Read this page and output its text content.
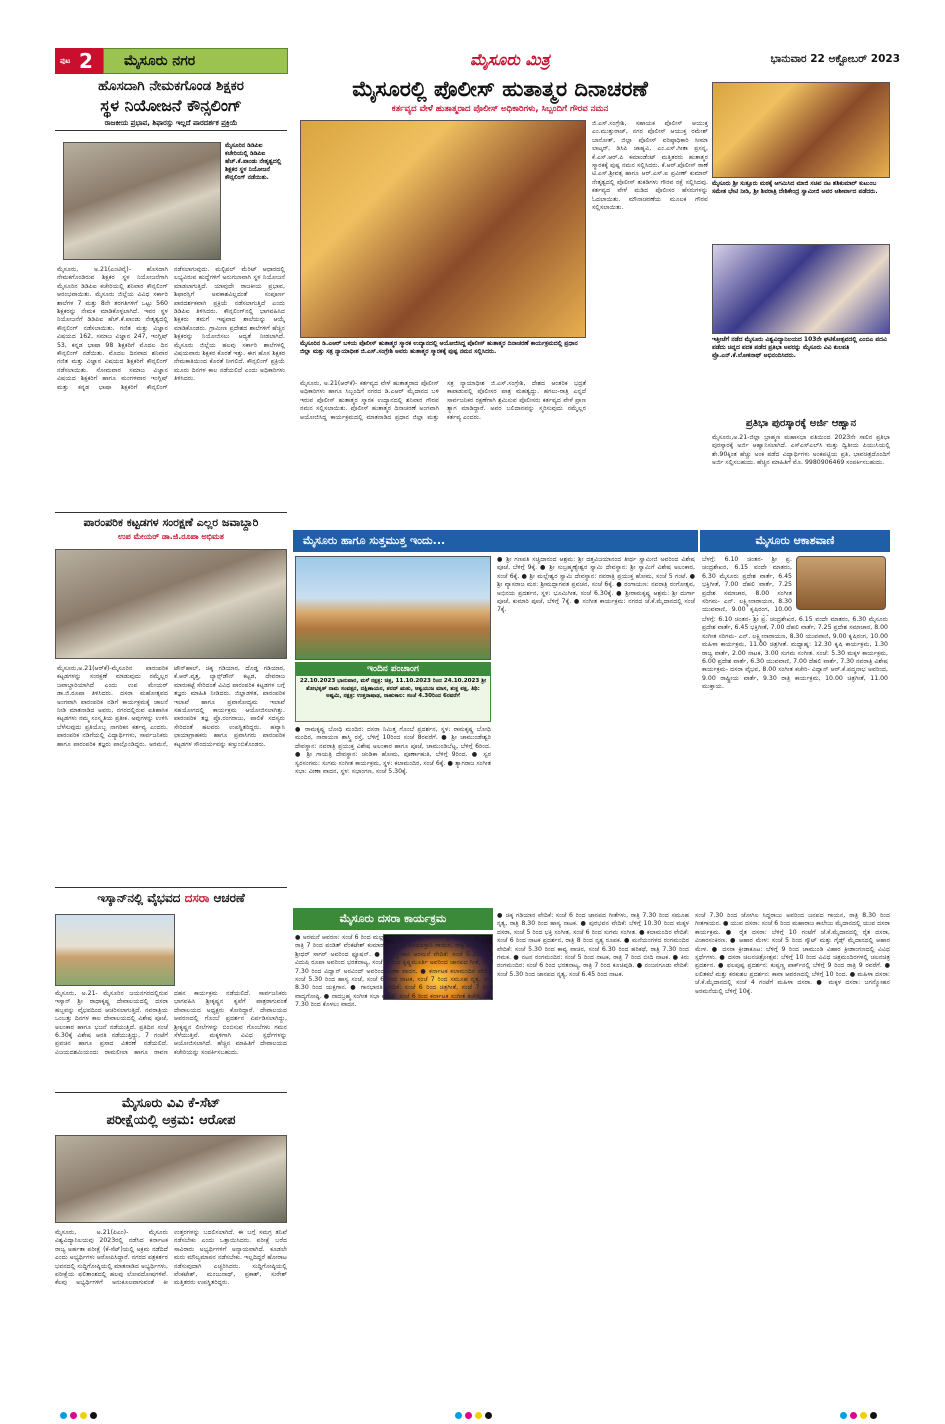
ಪುಟ 2 ಮೈಸೂರು ನಗರ	ಮೈಸೂರು ಮಿತ್ರ	ಭಾನುವಾರ 22 ಅಕ್ಟೋಬರ್ 2023
ಹೊಸದಾಗಿ ನೇಮಕಗೊಂಡ ಶಿಕ್ಷಕರ
ಸ್ಥಳ ನಿಯೋಜನೆ ಕೌನ್ಸಲಿಂಗ್
ರಾಜಕೀಯ ಪ್ರಭಾವ, ಶಿಫಾರಸ್ಸು ಇಲ್ಲದೆ ಪಾರದರ್ಶಕ ಪ್ರಕ್ರಿಯೆ
ಮೈಸೂರಿನ ಡಿಡಿಪಿಐ ಕಚೇರಿಯಲ್ಲಿ ಡಿಡಿಪಿಐ ಹೆಚ್.ಕೆ.ಪಾಂಡು ನೇತೃತ್ವದಲ್ಲಿ ಶಿಕ್ಷಕರ ಸ್ಥಳ ನಿಯೋಜನೆ ಕೌನ್ಸಲಿಂಗ್ ನಡೆಯಿತು.
ಮೈಸೂರು, ಅ.21(ಎಂಟಿವೈ)- ಹೊಸದಾಗಿ ನೇಮಕಗೊಂಡಿರುವ ಶಿಕ್ಷಕರ ಸ್ಥಳ ನಿಯೋಜನೆಗಾಗಿ ಮೈಸೂರಿನ ಡಿಡಿಪಿಐ ಕಚೇರಿಯಲ್ಲಿ ಶನಿವಾರ ಕೌನ್ಸಲಿಂಗ್ ಆರಂಭವಾಯಿತು. ಮೈಸೂರು ಜಿಲ್ಲೆಯ ವಿವಿಧ ಸರ್ಕಾರಿ ಶಾಲೆಗಳ 7 ಮತ್ತು 8ನೇ ತರಗತಿಗಳಿಗೆ ಒಟ್ಟು 560 ಶಿಕ್ಷಕರನ್ನು ನೇಮಕ ಮಾಡಿಕೊಳ್ಳಲಾಗಿದೆ. ಇವರ ಸ್ಥಳ ನಿಯೋಜನೆಗೆ ಡಿಡಿಪಿಐ ಹೆಚ್.ಕೆ.ಪಾಂಡು ನೇತೃತ್ವದಲ್ಲಿ ಕೌನ್ಸಲಿಂಗ್ ನಡೆಸಲಾಯಿತು. ಗಣಿತ ಮತ್ತು ವಿಜ್ಞಾನ ವಿಷಯದ 162, ಸಮಾಜ ವಿಜ್ಞಾನ 247, ಇಂಗ್ಲಿಷ್ 53, ಕನ್ನಡ ಭಾಷಾ 98 ಶಿಕ್ಷಕರಿಗೆ ಮೊದಲ ದಿನ ಕೌನ್ಸಲಿಂಗ್ ನಡೆಯಿತು. ಮೊದಲ ದಿನವಾದ ಶನಿವಾರ ಗಣಿತ ಮತ್ತು ವಿಜ್ಞಾನ ವಿಷಯದ ಶಿಕ್ಷಕರಿಗೆ ಕೌನ್ಸಲಿಂಗ್ ನಡೆಸಲಾಯಿತು. ಸೋಮವಾರ ಸಮಾಜ ವಿಜ್ಞಾನ ವಿಷಯದ ಶಿಕ್ಷಕರಿಗೆ ಹಾಗೂ ಮಂಗಳವಾರ ಇಂಗ್ಲಿಷ್ ಮತ್ತು ಕನ್ನಡ ಭಾಷಾ ಶಿಕ್ಷಕರಿಗೆ ಕೌನ್ಸಲಿಂಗ್ ನಡೆಸಲಾಗುವುದು. ಮಲ್ಟಿಪಲ್ ಮೆರಿಟ್ ಆಧಾರದಲ್ಲಿ ಲಭ್ಯವಿರುವ ಹುದ್ದೆಗಳಿಗೆ ಅನುಗುಣವಾಗಿ ಸ್ಥಳ ನಿಯೋಜನೆ ಮಾಡಲಾಗುತ್ತಿದೆ. ಯಾವುದೇ ರಾಜಕೀಯ ಪ್ರಭಾವ, ಶಿಫಾರಸ್ಸಿಗೆ ಅವಕಾಶವಿಲ್ಲದಂತೆ ಸಂಪೂರ್ಣ ಪಾರದರ್ಶಕವಾಗಿ ಪ್ರಕ್ರಿಯೆ ನಡೆಸಲಾಗುತ್ತಿದೆ ಎಂದು ಡಿಡಿಪಿಐ ತಿಳಿಸಿದರು. ಕೌನ್ಸಲಿಂಗ್‌ನಲ್ಲಿ ಭಾಗವಹಿಸಿದ ಶಿಕ್ಷಕರು ತಮಗೆ ಇಷ್ಟವಾದ ಶಾಲೆಯನ್ನು ಆಯ್ಕೆ ಮಾಡಿಕೊಂಡರು. ಗ್ರಾಮೀಣ ಪ್ರದೇಶದ ಶಾಲೆಗಳಿಗೆ ಹೆಚ್ಚಿನ ಶಿಕ್ಷಕರನ್ನು ನಿಯೋಜಿಸಲು ಆದ್ಯತೆ ನೀಡಲಾಗಿದೆ. ಮೈಸೂರು ಜಿಲ್ಲೆಯ ಹಲವು ಸರ್ಕಾರಿ ಶಾಲೆಗಳಲ್ಲಿ ವಿಷಯವಾರು ಶಿಕ್ಷಕರ ಕೊರತೆ ಇತ್ತು. ಈಗ ಹೊಸ ಶಿಕ್ಷಕರ ನೇಮಕಾತಿಯಿಂದ ಕೊರತೆ ನೀಗಲಿದೆ. ಕೌನ್ಸಲಿಂಗ್ ಪ್ರಕ್ರಿಯೆ ಮೂರು ದಿನಗಳ ಕಾಲ ನಡೆಯಲಿದೆ ಎಂದು ಅಧಿಕಾರಿಗಳು ತಿಳಿಸಿದರು.
ಪಾರಂಪರಿಕ ಕಟ್ಟಡಗಳ ಸಂರಕ್ಷಣೆ ಎಲ್ಲರ ಜವಾಬ್ದಾರಿ
ಉಪ ಮೇಯರ್ ಡಾ.ಜಿ.ರೂಪಾ ಅಭಿಮತ
ಮೈಸೂರು,ಅ.21(ಆರ್‌ಕೆ)-ಮೈಸೂರಿನ ಪಾರಂಪರಿಕ ಕಟ್ಟಡಗಳನ್ನು ಸಂರಕ್ಷಣೆ ಮಾಡುವುದು ನಮ್ಮೆಲ್ಲರ ಜವಾಬ್ದಾರಿಯಾಗಿದೆ ಎಂದು ಉಪ ಮೇಯರ್ ಡಾ.ಜಿ.ರೂಪಾ ತಿಳಿಸಿದರು. ದಸರಾ ಮಹೋತ್ಸವದ ಅಂಗವಾಗಿ ಪಾರಂಪರಿಕ ನಡಿಗೆ ಕಾರ್ಯಕ್ರಮಕ್ಕೆ ಚಾಲನೆ ನೀಡಿ ಮಾತನಾಡಿದ ಅವರು, ನಗರದಲ್ಲಿರುವ ಐತಿಹಾಸಿಕ ಕಟ್ಟಡಗಳು ನಮ್ಮ ಸಂಸ್ಕೃತಿಯ ಪ್ರತೀಕ. ಅವುಗಳನ್ನು ಉಳಿಸಿ ಬೆಳೆಸುವುದು ಪ್ರತಿಯೊಬ್ಬ ನಾಗರಿಕನ ಕರ್ತವ್ಯ ಎಂದರು. ಪಾರಂಪರಿಕ ನಡಿಗೆಯಲ್ಲಿ ವಿದ್ಯಾರ್ಥಿಗಳು, ಸಾರ್ವಜನಿಕರು ಹಾಗೂ ಪಾರಂಪರಿಕ ತಜ್ಞರು ಪಾಲ್ಗೊಂಡಿದ್ದರು. ಅರಮನೆ, ಟೌನ್‌ಹಾಲ್, ಚಿಕ್ಕ ಗಡಿಯಾರ, ದೊಡ್ಡ ಗಡಿಯಾರ, ಕೆ.ಆರ್.ವೃತ್ತ, ಲ್ಯಾನ್ಸ್‌ಡೌನ್ ಕಟ್ಟಡ, ದೇವರಾಜ ಮಾರುಕಟ್ಟೆ ಸೇರಿದಂತೆ ವಿವಿಧ ಪಾರಂಪರಿಕ ಕಟ್ಟಡಗಳ ಬಗ್ಗೆ ತಜ್ಞರು ಮಾಹಿತಿ ನೀಡಿದರು. ಜಿಲ್ಲಾಡಳಿತ, ಪಾರಂಪರಿಕ ಇಲಾಖೆ ಹಾಗೂ ಪ್ರವಾಸೋದ್ಯಮ ಇಲಾಖೆ ಸಹಯೋಗದಲ್ಲಿ ಕಾರ್ಯಕ್ರಮ ಆಯೋಜಿಸಲಾಗಿತ್ತು. ಪಾರಂಪರಿಕ ತಜ್ಞ ಪ್ರೊ.ರಂಗರಾಜು, ಪಾಲಿಕೆ ಸದಸ್ಯರು ಸೇರಿದಂತೆ ಹಲವರು ಉಪಸ್ಥಿತರಿದ್ದರು. ಹವ್ಯಾಸಿ ಛಾಯಾಗ್ರಾಹಕರು ಹಾಗೂ ಪ್ರವಾಸಿಗರು ಪಾರಂಪರಿಕ ಕಟ್ಟಡಗಳ ಸೌಂದರ್ಯವನ್ನು ಕಣ್ತುಂಬಿಕೊಂಡರು.
ಇಸ್ಕಾನ್‌ನಲ್ಲಿ ವೈಭವದ ದಸರಾ ಆಚರಣೆ
ಮೈಸೂರು, ಅ.21- ಮೈಸೂರಿನ ಜಯನಗರದಲ್ಲಿರುವ ಇಸ್ಕಾನ್ ಶ್ರೀ ರಾಧಾಕೃಷ್ಣ ದೇವಾಲಯದಲ್ಲಿ ದಸರಾ ಹಬ್ಬವನ್ನು ವೈಭವದಿಂದ ಆಚರಿಸಲಾಗುತ್ತಿದೆ. ನವರಾತ್ರಿಯ ಒಂಬತ್ತು ದಿನಗಳ ಕಾಲ ದೇವಾಲಯದಲ್ಲಿ ವಿಶೇಷ ಪೂಜೆ, ಅಲಂಕಾರ ಹಾಗೂ ಭಜನೆ ನಡೆಯುತ್ತಿದೆ. ಪ್ರತಿದಿನ ಸಂಜೆ 6.30ಕ್ಕೆ ವಿಶೇಷ ಆರತಿ ನಡೆಯುತ್ತಿದ್ದು, 7 ಗಂಟೆಗೆ ಪ್ರವಚನ ಹಾಗೂ ಪ್ರಸಾದ ವಿತರಣೆ ನಡೆಯಲಿದೆ. ವಿಜಯದಶಮಿಯಂದು ರಾಮಲೀಲಾ ಹಾಗೂ ರಾವಣ ದಹನ ಕಾರ್ಯಕ್ರಮ ನಡೆಯಲಿದೆ. ಸಾರ್ವಜನಿಕರು ಭಾಗವಹಿಸಿ ಶ್ರೀಕೃಷ್ಣನ ಕೃಪೆಗೆ ಪಾತ್ರರಾಗುವಂತೆ ದೇವಾಲಯದ ಅಧ್ಯಕ್ಷರು ಕೋರಿದ್ದಾರೆ. ದೇವಾಲಯದ ಆವರಣದಲ್ಲಿ ಗೊಂಬೆ ಪ್ರದರ್ಶನ ಏರ್ಪಡಿಸಲಾಗಿದ್ದು, ಶ್ರೀಕೃಷ್ಣನ ಲೀಲೆಗಳನ್ನು ಬಿಂಬಿಸುವ ಗೊಂಬೆಗಳು ಗಮನ ಸೆಳೆಯುತ್ತಿವೆ. ಮಕ್ಕಳಿಗಾಗಿ ವಿವಿಧ ಸ್ಪರ್ಧೆಗಳನ್ನು ಆಯೋಜಿಸಲಾಗಿದೆ. ಹೆಚ್ಚಿನ ಮಾಹಿತಿಗೆ ದೇವಾಲಯದ ಕಚೇರಿಯನ್ನು ಸಂಪರ್ಕಿಸಬಹುದು.
ಮೈಸೂರು ವಿವಿ ಕೆ-ಸೆಟ್
ಪರೀಕ್ಷೆಯಲ್ಲಿ ಅಕ್ರಮ: ಆರೋಪ
ಮೈಸೂರು, ಅ.21(ಪಿಎಂ)- ಮೈಸೂರು ವಿಶ್ವವಿದ್ಯಾನಿಲಯವು 2023ರಲ್ಲಿ ನಡೆಸಿದ ಕರ್ನಾಟಕ ರಾಜ್ಯ ಅರ್ಹತಾ ಪರೀಕ್ಷೆ (ಕೆ-ಸೆಟ್)ಯಲ್ಲಿ ಅಕ್ರಮ ನಡೆದಿದೆ ಎಂದು ಅಭ್ಯರ್ಥಿಗಳು ಆರೋಪಿಸಿದ್ದಾರೆ. ನಗರದ ಪತ್ರಕರ್ತರ ಭವನದಲ್ಲಿ ಸುದ್ದಿಗೋಷ್ಠಿಯಲ್ಲಿ ಮಾತನಾಡಿದ ಅಭ್ಯರ್ಥಿಗಳು, ಪರೀಕ್ಷೆಯ ಫಲಿತಾಂಶದಲ್ಲಿ ಹಲವು ಲೋಪದೋಷಗಳಿವೆ. ಕೆಲವು ಅಭ್ಯರ್ಥಿಗಳಿಗೆ ಅನುಕೂಲವಾಗುವಂತೆ ಕೀ ಉತ್ತರಗಳನ್ನು ಬದಲಿಸಲಾಗಿದೆ. ಈ ಬಗ್ಗೆ ಸಮಗ್ರ ತನಿಖೆ ನಡೆಸಬೇಕು ಎಂದು ಒತ್ತಾಯಿಸಿದರು. ಪರೀಕ್ಷೆ ಬರೆದ ಸಾವಿರಾರು ಅಭ್ಯರ್ಥಿಗಳಿಗೆ ಅನ್ಯಾಯವಾಗಿದೆ. ಕೂಡಲೇ ಮರು ಮೌಲ್ಯಮಾಪನ ನಡೆಸಬೇಕು. ಇಲ್ಲದಿದ್ದರೆ ಹೋರಾಟ ನಡೆಸುವುದಾಗಿ ಎಚ್ಚರಿಸಿದರು. ಸುದ್ದಿಗೋಷ್ಠಿಯಲ್ಲಿ ವೆಂಕಟೇಶ್, ಮಂಜುನಾಥ್, ಪ್ರಕಾಶ್, ಸುರೇಶ್ ಮತ್ತಿತರರು ಉಪಸ್ಥಿತರಿದ್ದರು.
ಮೈಸೂರಲ್ಲಿ ಪೊಲೀಸ್ ಹುತಾತ್ಮರ ದಿನಾಚರಣೆ
ಕರ್ತವ್ಯದ ವೇಳೆ ಹುತಾತ್ಮರಾದ ಪೊಲೀಸ್ ಅಧಿಕಾರಿಗಳು, ಸಿಬ್ಬಂದಿಗೆ ಗೌರವ ನಮನ
ಮೈಸೂರಿನ ಡಿ.ಎಆರ್ ಬಳಿಯ ಪೊಲೀಸ್ ಹುತಾತ್ಮರ ಸ್ಮಾರಕ ಉದ್ಯಾನದಲ್ಲಿ ಆಯೋಜಿಸಿದ್ದ ಪೊಲೀಸ್ ಹುತಾತ್ಮರ ದಿನಾಚರಣೆ ಕಾರ್ಯಕ್ರಮದಲ್ಲಿ ಪ್ರಧಾನ ಜಿಲ್ಲಾ ಮತ್ತು ಸತ್ರ ನ್ಯಾಯಾಧೀಶ ಜಿ.ಎಸ್.ಸಂಗ್ರೇಶಿ ಅವರು ಹುತಾತ್ಮರ ಸ್ಮಾರಕಕ್ಕೆ ಪುಷ್ಪ ನಮನ ಸಲ್ಲಿಸಿದರು.
ಜಿ.ಎಸ್.ಸಂಗ್ರೇಶಿ, ಸಹಾಯಕ ಪೊಲೀಸ್ ಆಯುಕ್ತ ಎಂ.ಮುತ್ತುರಾಜ್, ನಗರ ಪೊಲೀಸ್ ಆಯುಕ್ತ ರಮೇಶ್ ಬಾನೋತ್, ಜಿಲ್ಲಾ ಪೊಲೀಸ್ ವರಿಷ್ಠಾಧಿಕಾರಿ ಸೀಮಾ ಲಾಟ್ಕರ್, ಡಿಸಿಪಿ ಜಾಹ್ನವಿ, ಎಂ.ಎಸ್.ಗೀತಾ ಪ್ರಸನ್ನ, ಕೆ.ಎಸ್.ಆರ್.ಪಿ ಕಮಾಂಡೆಂಟ್ ಮತ್ತಿತರರು ಹುತಾತ್ಮರ ಸ್ಮಾರಕಕ್ಕೆ ಪುಷ್ಪ ನಮನ ಸಲ್ಲಿಸಿದರು. ಕೆ.ಆರ್.ಪೊಲೀಸ್ ಠಾಣೆ ಟಿ.ಎಸ್.ಶ್ರೀವತ್ಸ ಹಾಗೂ ಆರ್.ಎಸ್.ಐ ಪ್ರವೀಣ್ ಕುಮಾರ್ ನೇತೃತ್ವದಲ್ಲಿ ಪೊಲೀಸ್ ತುಕಡಿಗಳು ಗೌರವ ರಕ್ಷೆ ಸಲ್ಲಿಸಿದವು. ಕರ್ತವ್ಯದ ವೇಳೆ ಮಡಿದ ಪೊಲೀಸರ ಹೆಸರುಗಳನ್ನು ಓದಲಾಯಿತು. ಮೌನಾಚರಣೆಯ ಮೂಲಕ ಗೌರವ ಸಲ್ಲಿಸಲಾಯಿತು.
ಮೈಸೂರು, ಅ.21(ಆರ್‌ಕೆ)- ಕರ್ತವ್ಯದ ವೇಳೆ ಹುತಾತ್ಮರಾದ ಪೊಲೀಸ್ ಅಧಿಕಾರಿಗಳು ಹಾಗೂ ಸಿಬ್ಬಂದಿಗೆ ನಗರದ ಡಿ.ಎಆರ್ ಮೈದಾನದ ಬಳಿ ಇರುವ ಪೊಲೀಸ್ ಹುತಾತ್ಮರ ಸ್ಮಾರಕ ಉದ್ಯಾನದಲ್ಲಿ ಶನಿವಾರ ಗೌರವ ನಮನ ಸಲ್ಲಿಸಲಾಯಿತು. ಪೊಲೀಸ್ ಹುತಾತ್ಮರ ದಿನಾಚರಣೆ ಅಂಗವಾಗಿ ಆಯೋಜಿಸಿದ್ದ ಕಾರ್ಯಕ್ರಮದಲ್ಲಿ ಮಾತನಾಡಿದ ಪ್ರಧಾನ ಜಿಲ್ಲಾ ಮತ್ತು ಸತ್ರ ನ್ಯಾಯಾಧೀಶ ಜಿ.ಎಸ್.ಸಂಗ್ರೇಶಿ, ದೇಶದ ಆಂತರಿಕ ಭದ್ರತೆ ಕಾಪಾಡುವಲ್ಲಿ ಪೊಲೀಸರ ಪಾತ್ರ ಮಹತ್ವದ್ದು. ಹಗಲು-ರಾತ್ರಿ ಎನ್ನದೆ ಸಾರ್ವಜನಿಕರ ರಕ್ಷಣೆಗಾಗಿ ಶ್ರಮಿಸುವ ಪೊಲೀಸರು ಕರ್ತವ್ಯದ ವೇಳೆ ಪ್ರಾಣ ತ್ಯಾಗ ಮಾಡಿದ್ದಾರೆ. ಅವರ ಬಲಿದಾನವನ್ನು ಸ್ಮರಿಸುವುದು ನಮ್ಮೆಲ್ಲರ ಕರ್ತವ್ಯ ಎಂದರು.
ಮೈಸೂರು ಶ್ರೀ ಸುತ್ತೂರು ಮಠಕ್ಕೆ ಆಗಮಿಸಿದ ಮಾಜಿ ಸಚಿವ ನಟ ಶಶಿಕುಮಾರ್ ಕುಟುಂಬ ಸಮೇತ ಭೇಟಿ ನೀಡಿ, ಶ್ರೀ ಶಿವರಾತ್ರಿ ದೇಶಿಕೇಂದ್ರ ಸ್ವಾಮೀಜಿ ಅವರ ಆಶೀರ್ವಾದ ಪಡೆದರು.
ಇತ್ತೀಚೆಗೆ ನಡೆದ ಮೈಸೂರು ವಿಶ್ವವಿದ್ಯಾನಿಲಯದ 103ನೇ ಘಟಿಕೋತ್ಸವದಲ್ಲಿ ಎಂಬಿಎ ಪದವಿ ಪಡೆದು ಚಿನ್ನದ ಪದಕ ಪಡೆದ ಪ್ರತಿಭಾ ಅವರನ್ನು ಮೈಸೂರು ವಿವಿ ಕುಲಪತಿ ಪ್ರೊ.ಎನ್.ಕೆ.ಲೋಕನಾಥ್ ಅಭಿನಂದಿಸಿದರು.
ಪ್ರತಿಭಾ ಪುರಸ್ಕಾರಕ್ಕೆ ಅರ್ಜಿ ಆಹ್ವಾನ
ಮೈಸೂರು,ಅ.21-ಜಿಲ್ಲಾ ಬ್ರಾಹ್ಮಣ ಮಹಾಸಭಾ ವತಿಯಿಂದ 2023ನೇ ಸಾಲಿನ ಪ್ರತಿಭಾ ಪುರಸ್ಕಾರಕ್ಕೆ ಅರ್ಜಿ ಆಹ್ವಾನಿಸಲಾಗಿದೆ. ಎಸ್‌ಎಸ್‌ಎಲ್‌ಸಿ ಮತ್ತು ದ್ವಿತೀಯ ಪಿಯುಸಿಯಲ್ಲಿ ಶೇ.90ಕ್ಕಿಂತ ಹೆಚ್ಚು ಅಂಕ ಪಡೆದ ವಿದ್ಯಾರ್ಥಿಗಳು ಅಂಕಪಟ್ಟಿಯ ಪ್ರತಿ, ಭಾವಚಿತ್ರದೊಂದಿಗೆ ಅರ್ಜಿ ಸಲ್ಲಿಸಬಹುದು. ಹೆಚ್ಚಿನ ಮಾಹಿತಿಗೆ ಮೊ. 9980906469 ಸಂಪರ್ಕಿಸಬಹುದು.
ಮೈಸೂರು ಹಾಗೂ ಸುತ್ತಮುತ್ತ ಇಂದು...
ಇಂದಿನ ಪಂಚಾಂಗ
22.10.2023 ಭಾನುವಾರ, ಮಳೆ ನಕ್ಷತ್ರ: ಚಿತ್ರ, 11.10.2023 ರಿಂದ 24.10.2023 ಶ್ರೀ ಶೋಭಕೃತ್ ನಾಮ ಸಂವತ್ಸರ, ದಕ್ಷಿಣಾಯನ, ಶರದ್ ಋತು, ಆಶ್ವಯುಜ ಮಾಸ, ಶುಕ್ಲ ಪಕ್ಷ, ತಿಥಿ: ಅಷ್ಟಮಿ, ನಕ್ಷತ್ರ: ಉತ್ತರಾಷಾಢ, ರಾಹುಕಾಲ: ಸಂಜೆ 4.30ರಿಂದ 6ರವರೆಗೆ
● ರಾಮಕೃಷ್ಣ ಬೋಧಿ ಮಂದಿರ: ದಸರಾ ನಿಮಿತ್ತ ಗೊಂಬೆ ಪ್ರದರ್ಶನ, ಸ್ಥಳ: ರಾಮಕೃಷ್ಣ ಬೋಧಿ ಮಂದಿರ, ನಾರಾಯಣ ಶಾಸ್ತ್ರಿ ರಸ್ತೆ, ಬೆಳಿಗ್ಗೆ 10ರಿಂದ ಸಂಜೆ 8ರವರೆಗೆ. ● ಶ್ರೀ ಚಾಮುಂಡೇಶ್ವರಿ ದೇವಸ್ಥಾನ: ನವರಾತ್ರಿ ಪ್ರಯುಕ್ತ ವಿಶೇಷ ಅಲಂಕಾರ ಹಾಗೂ ಪೂಜೆ, ಚಾಮುಂಡಿಬೆಟ್ಟ, ಬೆಳಿಗ್ಗೆ 6ರಿಂದ. ● ಶ್ರೀ ಗಾಯತ್ರಿ ದೇವಸ್ಥಾನ: ಚಂಡಿಕಾ ಹೋಮ, ಪೂರ್ಣಾಹುತಿ, ಬೆಳಿಗ್ಗೆ 9ರಿಂದ. ● ಸ್ವರ ಸ್ವರಸಂಗಮ: ಸುಗಮ ಸಂಗೀತ ಕಾರ್ಯಕ್ರಮ, ಸ್ಥಳ: ಕಲಾಮಂದಿರ, ಸಂಜೆ 6ಕ್ಕೆ. ● ತ್ಯಾಗರಾಜ ಸಂಗೀತ ಸಭಾ: ವೀಣಾ ವಾದನ, ಸ್ಥಳ: ಸಭಾಂಗಣ, ಸಂಜೆ 5.30ಕ್ಕೆ.
● ಶ್ರೀ ಗಣಪತಿ ಸಚ್ಚಿದಾನಂದ ಆಶ್ರಮ: ಶ್ರೀ ದತ್ತವಿಜಯಾನಂದ ತೀರ್ಥ ಸ್ವಾಮೀಜಿ ಅವರಿಂದ ವಿಶೇಷ ಪೂಜೆ, ಬೆಳಿಗ್ಗೆ 9ಕ್ಕೆ. ● ಶ್ರೀ ಸುಬ್ರಹ್ಮಣ್ಯೇಶ್ವರ ಸ್ವಾಮಿ ದೇವಸ್ಥಾನ: ಶ್ರೀ ಸ್ವಾಮಿಗೆ ವಿಶೇಷ ಅಲಂಕಾರ, ಸಂಜೆ 6ಕ್ಕೆ. ● ಶ್ರೀ ಮಲ್ಲೇಶ್ವರ ಸ್ವಾಮಿ ದೇವಸ್ಥಾನ: ನವರಾತ್ರಿ ಪ್ರಯುಕ್ತ ಹೋಮ, ಸಂಜೆ 5 ಗಂಟೆ. ● ಶ್ರೀ ವ್ಯಾಸರಾಜ ಮಠ: ಶ್ರೀಮದ್ಭಾಗವತ ಪ್ರವಚನ, ಸಂಜೆ 6ಕ್ಕೆ. ● ರಂಗಾಯಣ: ನವರಾತ್ರಿ ರಂಗೋತ್ಸವ, ಅಭಿನಯ ಪ್ರದರ್ಶನ, ಸ್ಥಳ: ಭೂಮಿಗೀತ, ಸಂಜೆ 6.30ಕ್ಕೆ. ● ಶ್ರೀರಾಮಕೃಷ್ಣ ಆಶ್ರಮ: ಶ್ರೀ ದುರ್ಗಾ ಪೂಜೆ, ಕುಮಾರಿ ಪೂಜೆ, ಬೆಳಿಗ್ಗೆ 7ಕ್ಕೆ. ● ಸಂಗೀತ ಕಾರ್ಯಕ್ರಮ: ನಗರದ ಜೆ.ಕೆ.ಮೈದಾನದಲ್ಲಿ ಸಂಜೆ 7ಕ್ಕೆ.
ಮೈಸೂರು ಆಕಾಶವಾಣಿ
ಬೆಳಗ್ಗೆ: 6.10 ಚಿಂತನ- ಶ್ರೀ ಪ್ರ. ಚಂದ್ರಶೇಖರ, 6.15 ವಂದೇ ಮಾತರಂ, 6.30 ಮೈಸೂರು ಪ್ರದೇಶ ವಾರ್ತೆ, 6.45 ಭಕ್ತಿಗೀತೆ, 7.00 ದೆಹಲಿ ವಾರ್ತೆ, 7.25 ಪ್ರದೇಶ ಸಮಾಚಾರ, 8.00 ಸಂಗೀತ ಸರಿಗಮ- ಎನ್. ಲಕ್ಷ್ಮೀನಾರಾಯಣ, 8.30 ಯುವವಾಣಿ, 9.00 ಕೃಷಿರಂಗ, 10.00
ಬೆಳಗ್ಗೆ: 6.10 ಚಿಂತನ- ಶ್ರೀ ಪ್ರ. ಚಂದ್ರಶೇಖರ, 6.15 ವಂದೇ ಮಾತರಂ, 6.30 ಮೈಸೂರು ಪ್ರದೇಶ ವಾರ್ತೆ, 6.45 ಭಕ್ತಿಗೀತೆ, 7.00 ದೆಹಲಿ ವಾರ್ತೆ, 7.25 ಪ್ರದೇಶ ಸಮಾಚಾರ, 8.00 ಸಂಗೀತ ಸರಿಗಮ- ಎನ್. ಲಕ್ಷ್ಮೀನಾರಾಯಣ, 8.30 ಯುವವಾಣಿ, 9.00 ಕೃಷಿರಂಗ, 10.00 ಮಹಿಳಾ ಕಾರ್ಯಕ್ರಮ, 11.00 ಚಿತ್ರಗೀತೆ. ಮಧ್ಯಾಹ್ನ: 12.30 ಕೃಷಿ ಕಾರ್ಯಕ್ರಮ, 1.30 ರಾಜ್ಯ ವಾರ್ತೆ, 2.00 ನಾಟಕ, 3.00 ಸುಗಮ ಸಂಗೀತ. ಸಂಜೆ: 5.30 ಮಕ್ಕಳ ಕಾರ್ಯಕ್ರಮ, 6.00 ಪ್ರದೇಶ ವಾರ್ತೆ, 6.30 ಯುವವಾಣಿ, 7.00 ದೆಹಲಿ ವಾರ್ತೆ, 7.30 ನವರಾತ್ರಿ ವಿಶೇಷ ಕಾರ್ಯಕ್ರಮ- ದಸರಾ ವೈಭವ, 8.00 ಸಂಗೀತ ಕಚೇರಿ- ವಿದ್ವಾನ್ ಆರ್.ಕೆ.ಪದ್ಮನಾಭ ಅವರಿಂದ, 9.00 ರಾಷ್ಟ್ರೀಯ ವಾರ್ತೆ, 9.30 ರಾತ್ರಿ ಕಾರ್ಯಕ್ರಮ, 10.00 ಚಿತ್ರಗೀತೆ, 11.00 ಮುಕ್ತಾಯ.
ಮೈಸೂರು ದಸರಾ ಕಾರ್ಯಕ್ರಮ
● ಅರಮನೆ ಆವರಣ: ಸಂಜೆ 6 ರಿಂದ ಮಲ್ಲಾಡಿಹಳ್ಳಿ ರಾಘವೇಂದ್ರ ಅವರಿಂದ ಸ್ಯಾಕ್ಸೋಫೋನ್ ವಾದನ, ರಾತ್ರಿ 7 ರಿಂದ ಪಂಡಿತ್ ವೆಂಕಟೇಶ್ ಕುಮಾರ್ ಅವರಿಂದ ಹಿಂದೂಸ್ತಾನಿ ಗಾಯನ, ರಾತ್ರಿ 8.30 ರಿಂದ ಶ್ರೀಧರ್ ಸಾಗರ್ ಅವರಿಂದ ಫ್ಯೂಷನ್. ● ಜಗನ್ಮೋಹನ ಅರಮನೆ ವೇದಿಕೆ: ಸಂಜೆ 5.30 ರಿಂದ ವಿದುಷಿ ರೂಪಾ ಅವರಿಂದ ಭರತನಾಟ್ಯ, ಸಂಜೆ 6 ರಿಂದ ಕೃಷ್ಣಮೂರ್ತಿ ಅವರಿಂದ ಜಾನಪದ ಗೀತೆ, ಸಂಜೆ 7.30 ರಿಂದ ವಿದ್ವಾನ್ ಅರವಿಂದ್ ಅವರಿಂದ ವೀಣಾ ವಾದನ. ● ಕರ್ನಾಟಕ ಕಲಾಮಂದಿರ ವೇದಿಕೆ: ಸಂಜೆ 5.30 ರಿಂದ ಹಾಸ್ಯ ಸಂಜೆ, ಸಂಜೆ 6 ರಿಂದ ನಾಟಕ, ಸಂಜೆ 7 ರಿಂದ ಸಮೂಹ ನೃತ್ಯ, ರಾತ್ರಿ 8.30 ರಿಂದ ಯಕ್ಷಗಾನ. ● ಗಾನಭಾರತಿ ವೇದಿಕೆ: ಸಂಜೆ 6 ರಿಂದ ಚಿತ್ರಗೀತೆ, ಸಂಜೆ 7 ರಿಂದ ವಾದ್ಯಗೋಷ್ಠಿ. ● ನಾದಬ್ರಹ್ಮ ಸಂಗೀತ ಸಭಾ ವೇದಿಕೆ: ಸಂಜೆ 6 ರಿಂದ ಕರ್ನಾಟಕ ಸಂಗೀತ ಕಚೇರಿ, ರಾತ್ರಿ 7.30 ರಿಂದ ಕೊಳಲು ವಾದನ.
● ಚಿಕ್ಕ ಗಡಿಯಾರ ವೇದಿಕೆ: ಸಂಜೆ 6 ರಿಂದ ಜಾನಪದ ಗೀತೆಗಳು, ರಾತ್ರಿ 7.30 ರಿಂದ ಸಮೂಹ ನೃತ್ಯ, ರಾತ್ರಿ 8.30 ರಿಂದ ಹಾಸ್ಯ ನಾಟಕ. ● ಪುರಭವನ ವೇದಿಕೆ: ಬೆಳಿಗ್ಗೆ 10.30 ರಿಂದ ಮಕ್ಕಳ ದಸರಾ, ಸಂಜೆ 5 ರಿಂದ ಭಕ್ತಿ ಸಂಗೀತ, ಸಂಜೆ 6 ರಿಂದ ಸುಗಮ ಸಂಗೀತ. ● ಕಲಾಮಂದಿರ ವೇದಿಕೆ: ಸಂಜೆ 6 ರಿಂದ ನಾಟಕ ಪ್ರದರ್ಶನ, ರಾತ್ರಿ 8 ರಿಂದ ನೃತ್ಯ ರೂಪಕ. ● ಮನೆಯಂಗಳದ ರಂಗಮಂದಿರ ವೇದಿಕೆ: ಸಂಜೆ 5.30 ರಿಂದ ಕಾವ್ಯ ವಾಚನ, ಸಂಜೆ 6.30 ರಿಂದ ಹರಿಕಥೆ, ರಾತ್ರಿ 7.30 ರಿಂದ ಗಮಕ. ● ನಟನ ರಂಗಮಂದಿರ: ಸಂಜೆ 5 ರಿಂದ ನಾಟಕ, ರಾತ್ರಿ 7 ರಿಂದ ಬೀದಿ ನಾಟಕ. ● ಕಿರು ರಂಗಮಂದಿರ: ಸಂಜೆ 6 ರಿಂದ ಭರತನಾಟ್ಯ, ರಾತ್ರಿ 7 ರಿಂದ ಕೂಚಿಪುಡಿ. ● ನಂಜನಗೂಡು ವೇದಿಕೆ: ಸಂಜೆ 5.30 ರಿಂದ ಜಾನಪದ ನೃತ್ಯ, ಸಂಜೆ 6.45 ರಿಂದ ನಾಟಕ.
ಸಂಜೆ 7.30 ರಿಂದ ಜೋಗಿಲ ಸಿದ್ದರಾಜು ಅವರಿಂದ ಜನಪದ ಗಾಯನ, ರಾತ್ರಿ 8.30 ರಿಂದ ಗೀತಗಾಯನ. ● ಯುವ ದಸರಾ: ಸಂಜೆ 6 ರಿಂದ ಮಹಾರಾಜ ಕಾಲೇಜು ಮೈದಾನದಲ್ಲಿ ಯುವ ದಸರಾ ಕಾರ್ಯಕ್ರಮ. ● ರೈತ ದಸರಾ: ಬೆಳಿಗ್ಗೆ 10 ಗಂಟೆಗೆ ಜೆ.ಕೆ.ಮೈದಾನದಲ್ಲಿ ರೈತ ದಸರಾ, ವಿಚಾರಸಂಕಿರಣ. ● ಆಹಾರ ಮೇಳ: ಸಂಜೆ 5 ರಿಂದ ಸ್ಕೌಟ್ ಮತ್ತು ಗೈಡ್ಸ್ ಮೈದಾನದಲ್ಲಿ ಆಹಾರ ಮೇಳ. ● ದಸರಾ ಕ್ರೀಡಾಕೂಟ: ಬೆಳಿಗ್ಗೆ 9 ರಿಂದ ಚಾಮುಂಡಿ ವಿಹಾರ ಕ್ರೀಡಾಂಗಣದಲ್ಲಿ ವಿವಿಧ ಸ್ಪರ್ಧೆಗಳು. ● ದಸರಾ ಚಲನಚಿತ್ರೋತ್ಸವ: ಬೆಳಿಗ್ಗೆ 10 ರಿಂದ ವಿವಿಧ ಚಿತ್ರಮಂದಿರಗಳಲ್ಲಿ ಚಲನಚಿತ್ರ ಪ್ರದರ್ಶನ. ● ಫಲಪುಷ್ಪ ಪ್ರದರ್ಶನ: ಕುಪ್ಪಣ್ಣ ಪಾರ್ಕ್‌ನಲ್ಲಿ ಬೆಳಿಗ್ಗೆ 9 ರಿಂದ ರಾತ್ರಿ 9 ರವರೆಗೆ. ● ಲಲಿತಕಲೆ ಮತ್ತು ಕರಕುಶಲ ಪ್ರದರ್ಶನ: ಕಾವಾ ಆವರಣದಲ್ಲಿ ಬೆಳಿಗ್ಗೆ 10 ರಿಂದ. ● ಮಹಿಳಾ ದಸರಾ: ಜೆ.ಕೆ.ಮೈದಾನದಲ್ಲಿ ಸಂಜೆ 4 ಗಂಟೆಗೆ ಮಹಿಳಾ ದಸರಾ. ● ಮಕ್ಕಳ ದಸರಾ: ಜಗನ್ಮೋಹನ ಅರಮನೆಯಲ್ಲಿ ಬೆಳಿಗ್ಗೆ 10ಕ್ಕೆ.
